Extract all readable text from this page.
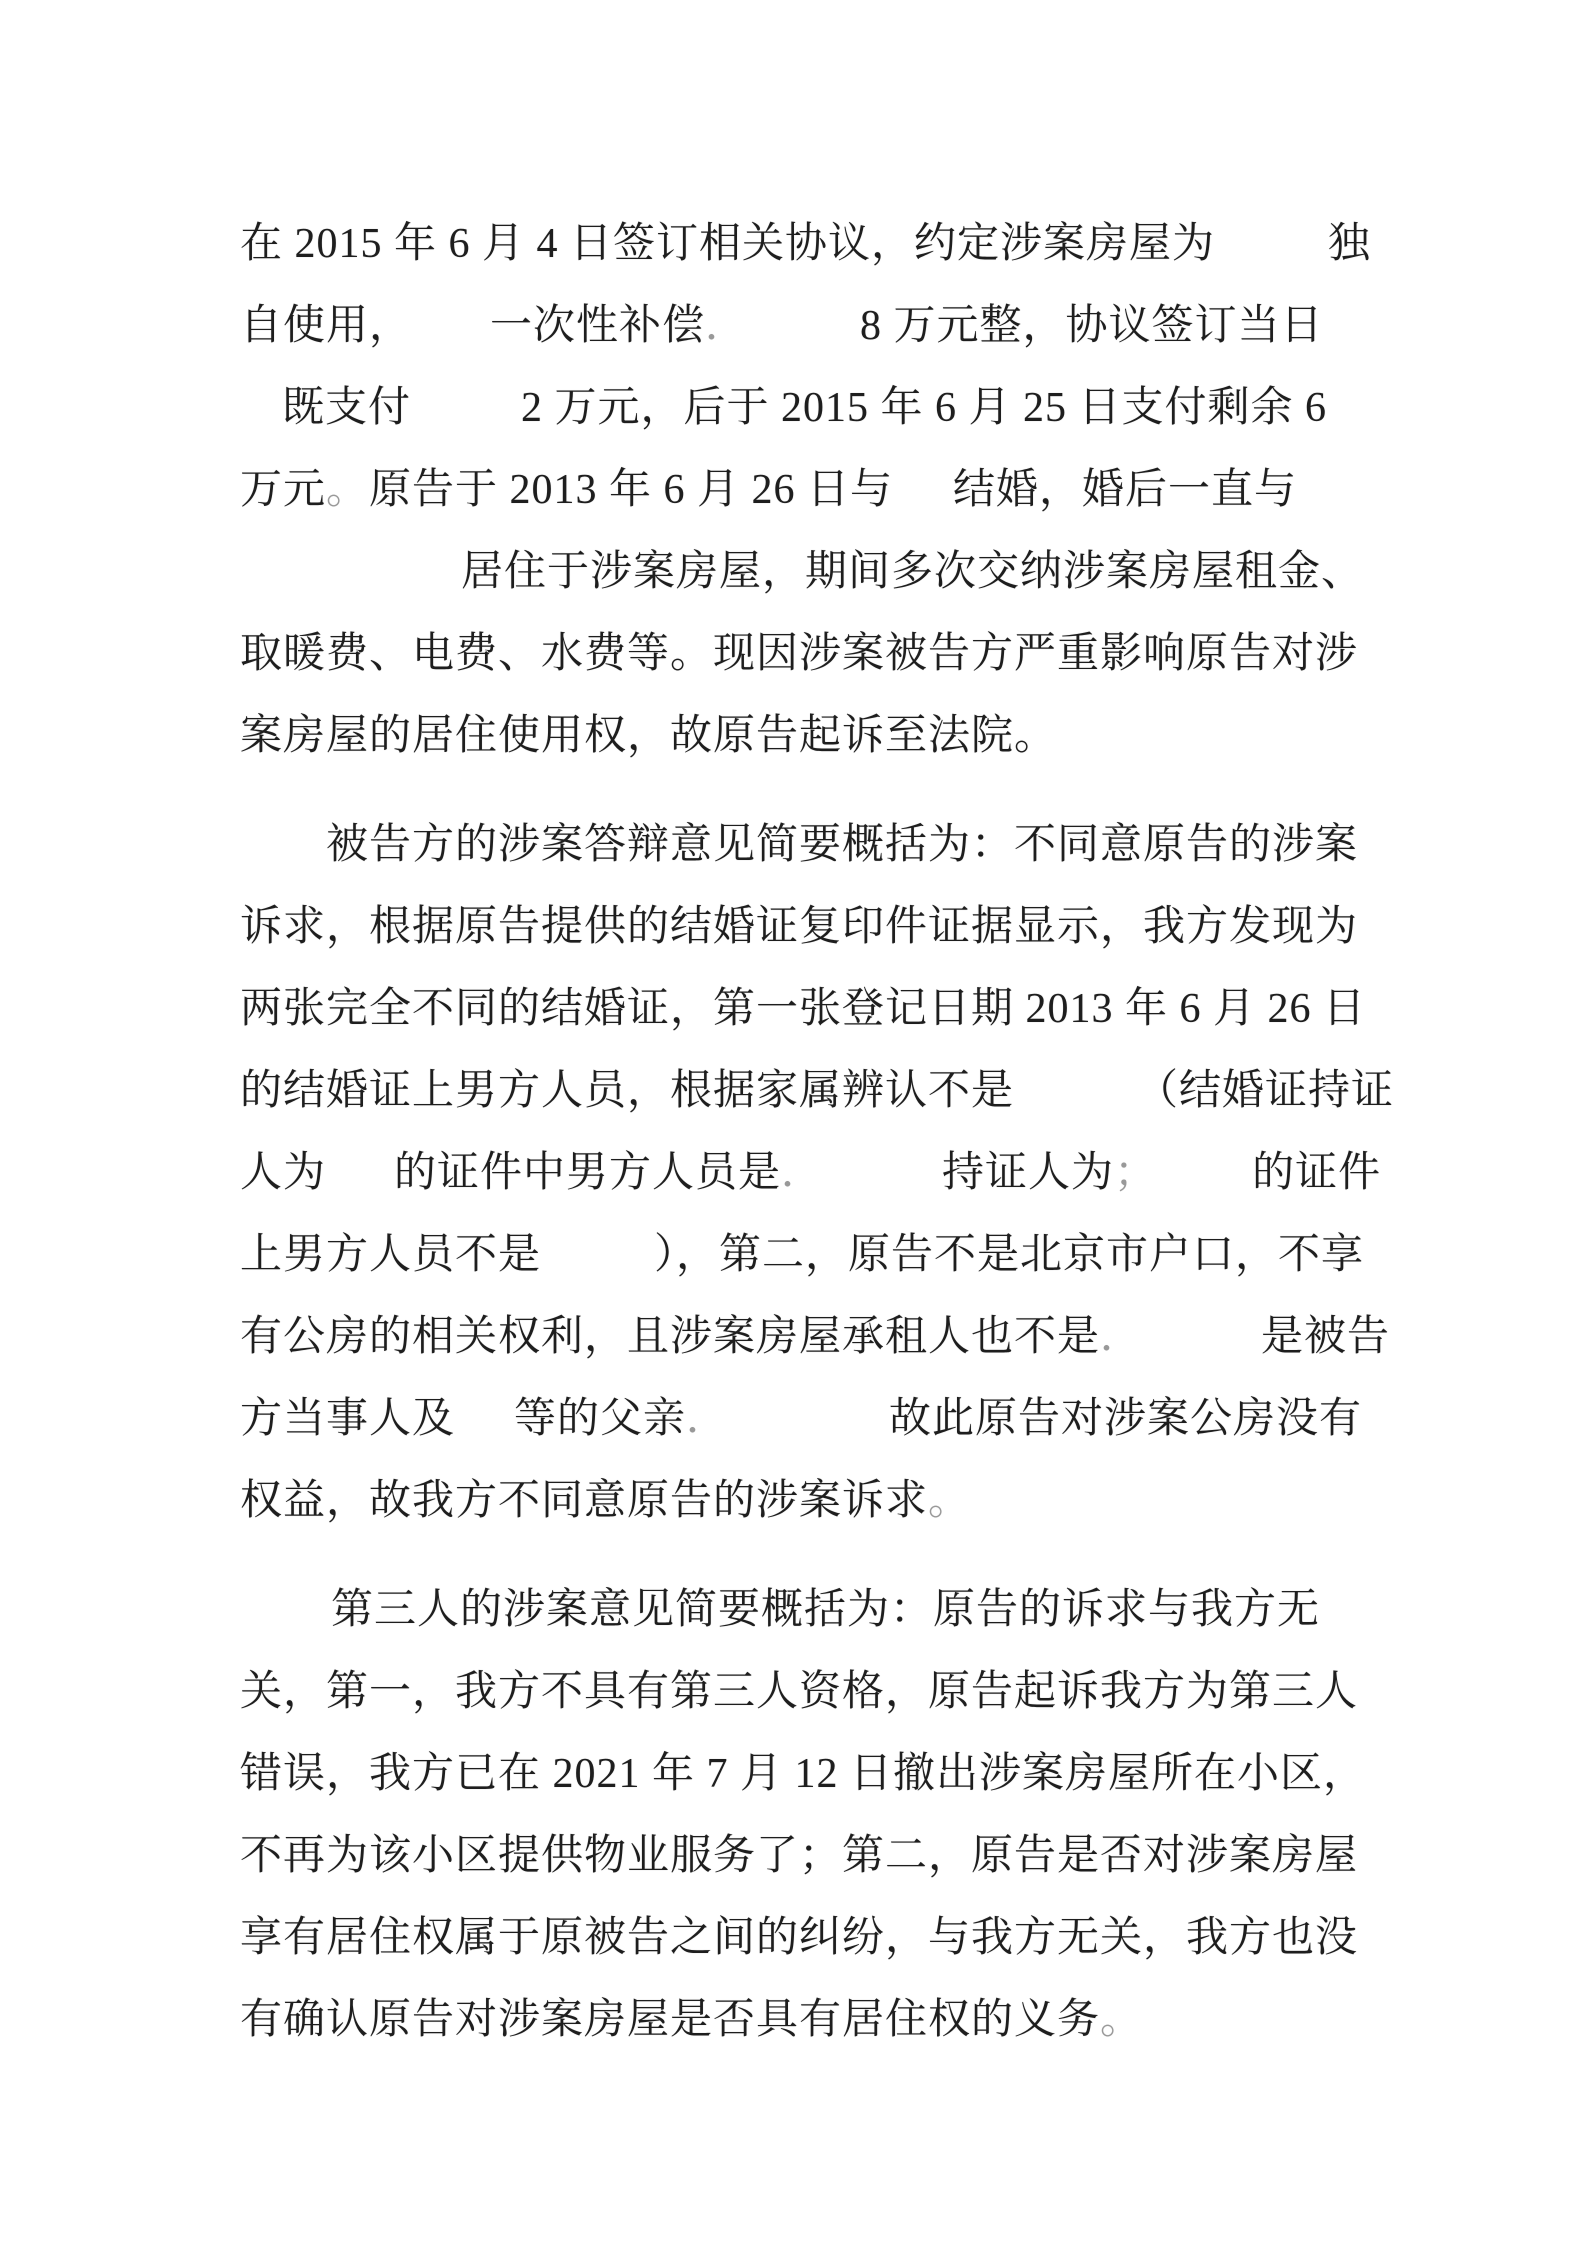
在 2015 年 6 月 4 日签订相关协议，约定涉案房屋为	独
自使用， 一次性补偿．	8 万元整，协议签订当日
既支付	2 万元，后于 2015 年 6 月 25 日支付剩余 6
万元。原告于 2013 年 6 月 26 日与 结婚，婚后一直与
居住于涉案房屋，期间多次交纳涉案房屋租金、
取暖费、电费、水费等。现因涉案被告方严重影响原告对涉
案房屋的居住使用权，故原告起诉至法院。
被告方的涉案答辩意见简要概括为：不同意原告的涉案
诉求，根据原告提供的结婚证复印件证据显示，我方发现为
两张完全不同的结婚证，第一张登记日期 2013 年 6 月 26 日
的结婚证上男方人员，根据家属辨认不是	（结婚证持证
人为 的证件中男方人员是．	持证人为； 的证件
上男方人员不是	），第二，原告不是北京市户口，不享
有公房的相关权利，且涉案房屋承租人也不是．	是被告
方当事人及 等的父亲．	故此原告对涉案公房没有
权益，故我方不同意原告的涉案诉求。
第三人的涉案意见简要概括为：原告的诉求与我方无
关，第一，我方不具有第三人资格，原告起诉我方为第三人
错误，我方已在 2021 年 7 月 12 日撤出涉案房屋所在小区，
不再为该小区提供物业服务了；第二，原告是否对涉案房屋
享有居住权属于原被告之间的纠纷，与我方无关，我方也没
有确认原告对涉案房屋是否具有居住权的义务。
